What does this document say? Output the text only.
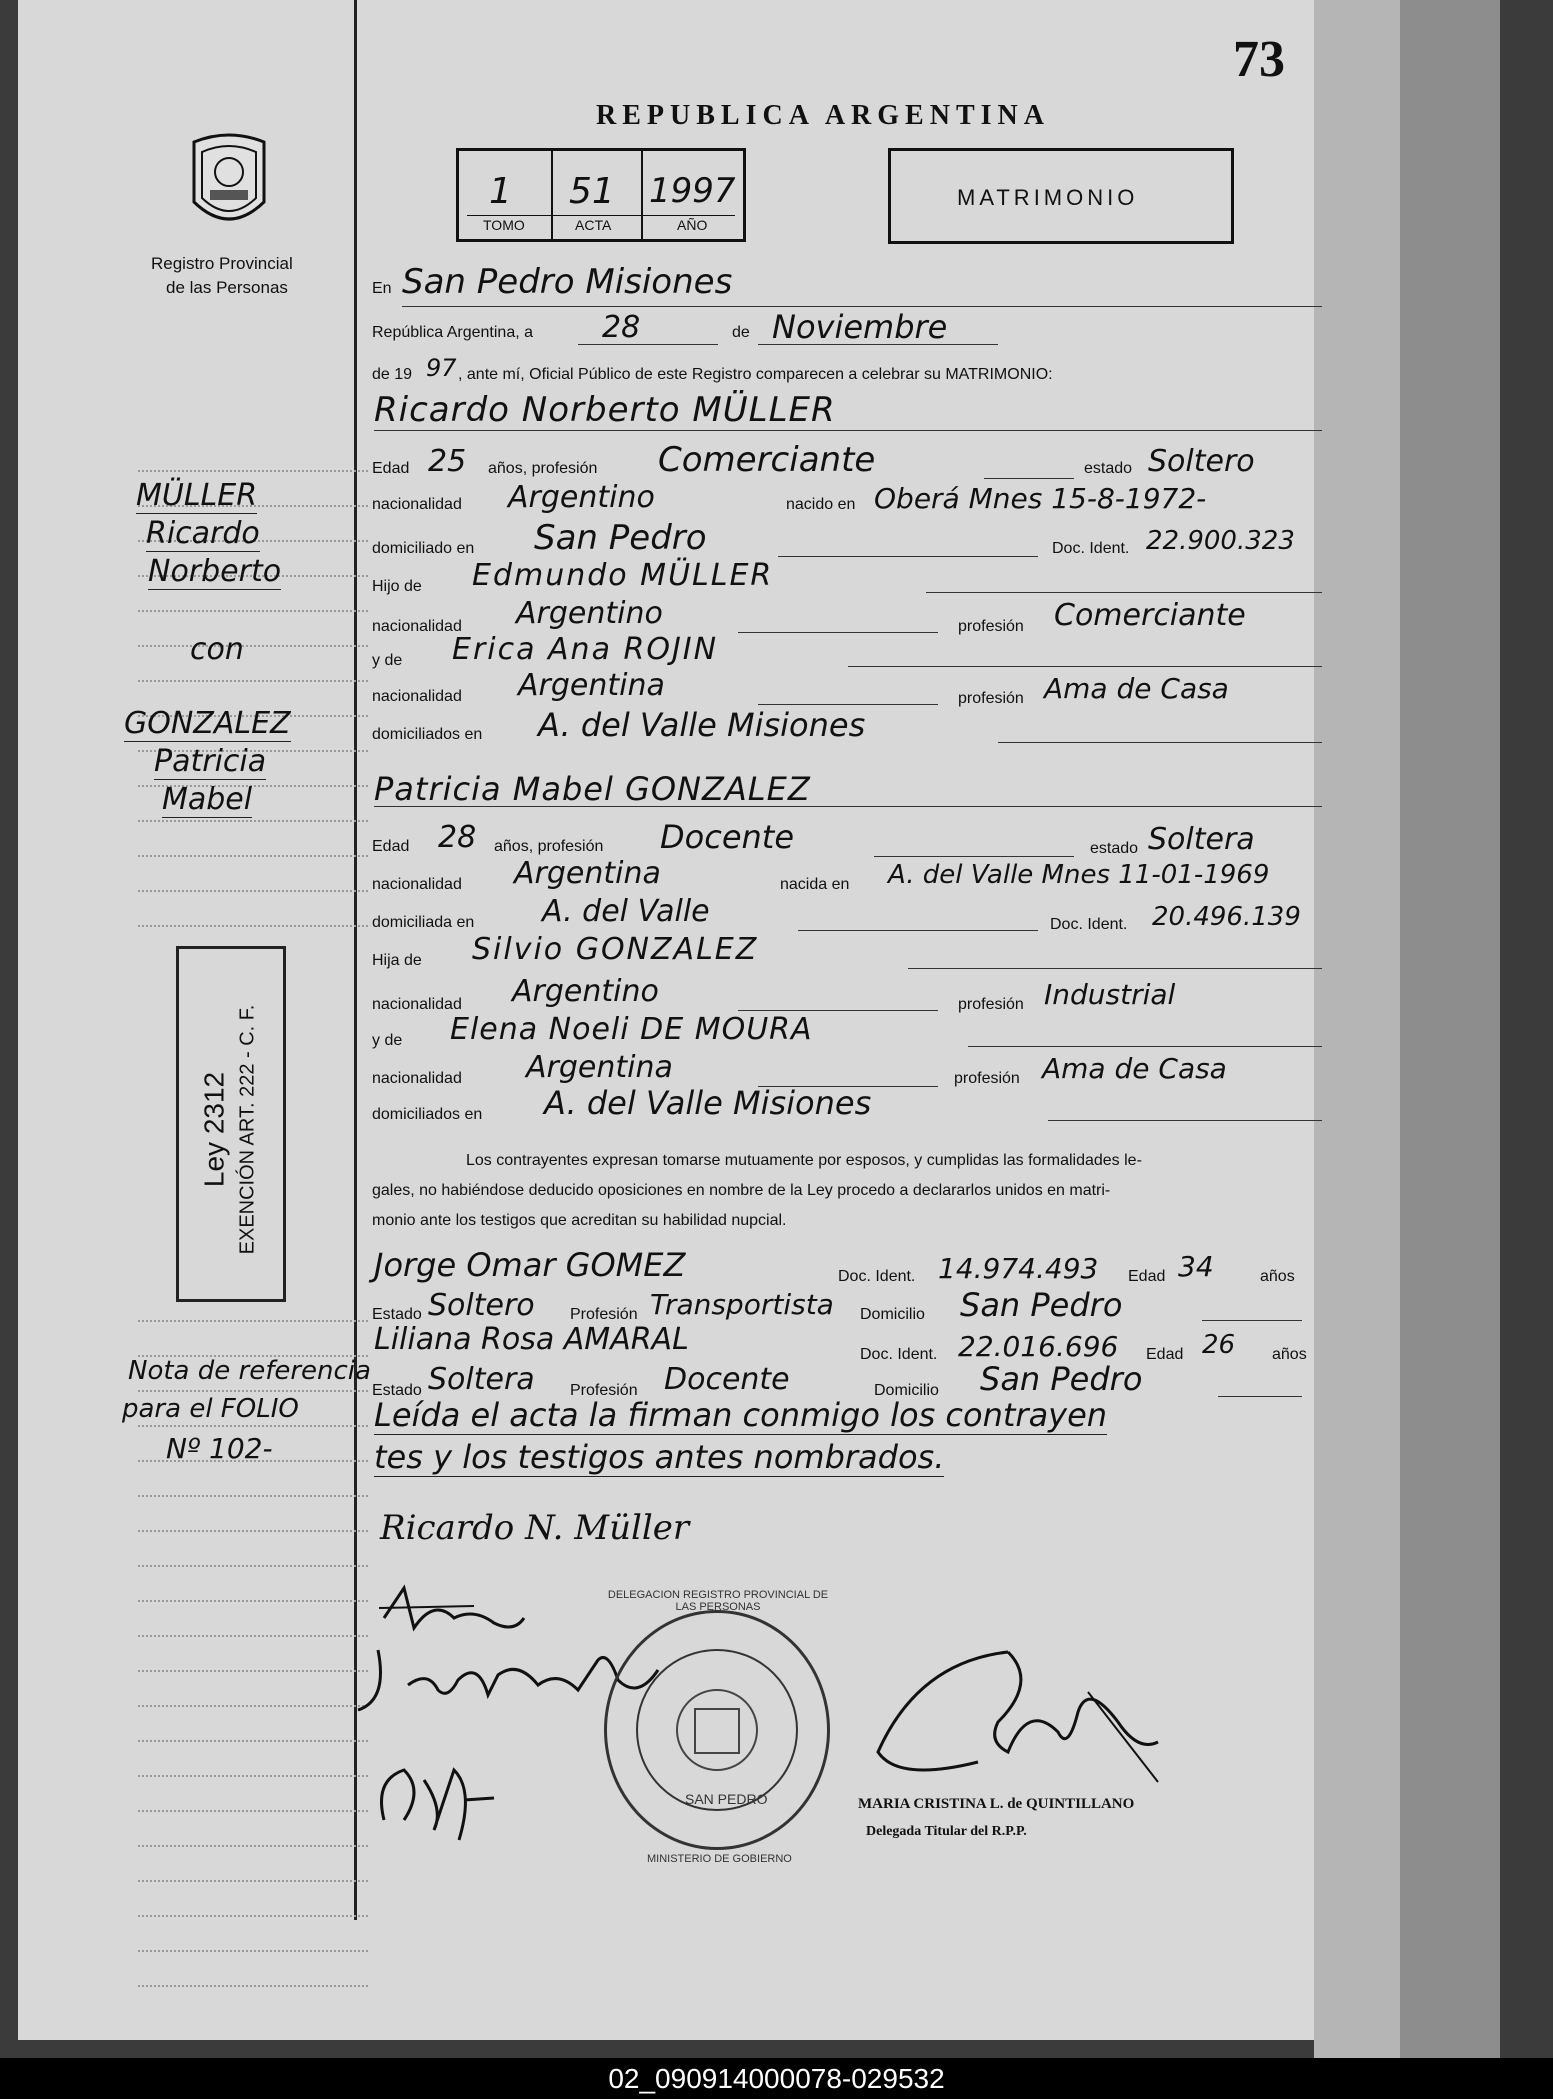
73
REPUBLICA ARGENTINA
1 51 1997
TOMO	ACTA	AÑO
MATRIMONIO
Registro Provincial
de las Personas
MÜLLER
Ricardo
Norberto
con
GONZALEZ
Patricia
Mabel
Ley 2312 EXENCIÓN ART. 222 - C. F.
Nota de referencia
para el FOLIO
Nº 102-
En San Pedro Misiones
República Argentina, a 28	de Noviembre
de 19 97 , ante mí, Oficial Público de este Registro comparecen a celebrar su MATRIMONIO:
Ricardo Norberto MÜLLER
Edad 25 años, profesión Comerciante	estado Soltero
nacionalidad Argentino	nacido en Oberá Mnes 15-8-1972-
domiciliado en San Pedro	Doc. Ident. 22.900.323
Hijo de Edmundo MÜLLER
nacionalidad Argentino	profesión Comerciante
y de Erica Ana ROJIN
nacionalidad Argentina	profesión Ama de Casa
domiciliados en A. del Valle Misiones
Patricia Mabel GONZALEZ
Edad 28 años, profesión Docente	estado Soltera
nacionalidad Argentina	nacida en A. del Valle Mnes 11-01-1969
domiciliada en A. del Valle	Doc. Ident. 20.496.139
Hija de Silvio GONZALEZ
nacionalidad Argentino	profesión Industrial
y de Elena Noeli DE MOURA
nacionalidad Argentina	profesión Ama de Casa
domiciliados en A. del Valle Misiones
Los contrayentes expresan tomarse mutuamente por esposos, y cumplidas las formalidades le-
gales, no habiéndose deducido oposiciones en nombre de la Ley procedo a declararlos unidos en matri-
monio ante los testigos que acreditan su habilidad nupcial.
Jorge Omar GOMEZ	Doc. Ident. 14.974.493 Edad 34	años
Estado Soltero Profesión Transportista Domicilio San Pedro
Liliana Rosa AMARAL	Doc. Ident. 22.016.696 Edad 26 años
Estado Soltera Profesión Docente	Domicilio San Pedro
Leída el acta la firman conmigo los contrayen
tes y los testigos antes nombrados.
Ricardo N. Müller
DELEGACION REGISTRO PROVINCIAL DE LAS PERSONAS
SAN PEDRO
MINISTERIO DE GOBIERNO
MARIA CRISTINA L. de QUINTILLANO
Delegada Titular del R.P.P.
02_090914000078-029532
